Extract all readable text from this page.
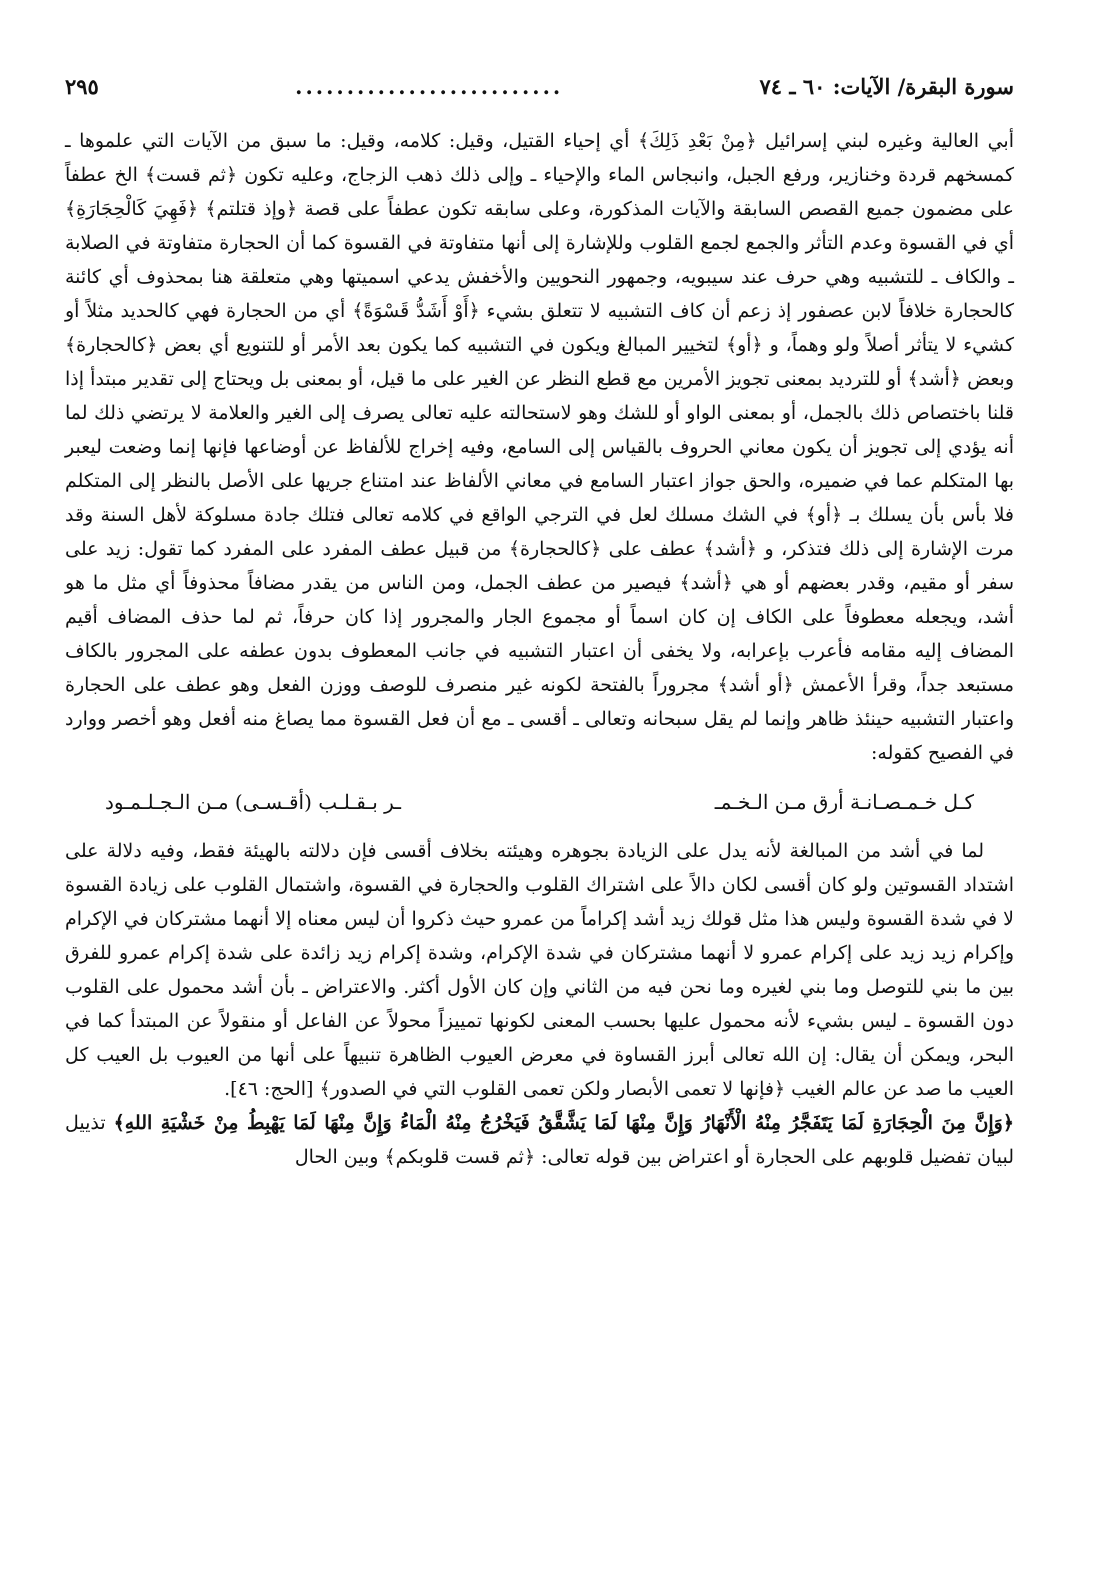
سورة البقرة/ الآيات: ٦٠ ـ ٧٤
..........................
٢٩٥

أبي العالية وغيره لبني إسرائيل ﴿مِنْ بَعْدِ ذَلِكَ﴾ أي إحياء القتيل، وقيل: كلامه، وقيل: ما سبق من الآيات التي علموها ـ كمسخهم قردة وخنازير، ورفع الجبل، وانبجاس الماء والإحياء ـ وإلى ذلك ذهب الزجاج، وعليه تكون ﴿ثم قست﴾ الخ عطفاً على مضمون جميع القصص السابقة والآيات المذكورة، وعلى سابقه تكون عطفاً على قصة ﴿وإذ قتلتم﴾ ﴿فَهِيَ كَالْحِجَارَةِ﴾ أي في القسوة وعدم التأثر والجمع لجمع القلوب وللإشارة إلى أنها متفاوتة في القسوة كما أن الحجارة متفاوتة في الصلابة ـ والكاف ـ للتشبيه وهي حرف عند سيبويه، وجمهور النحويين والأخفش يدعي اسميتها وهي متعلقة هنا بمحذوف أي كائنة كالحجارة خلافاً لابن عصفور إذ زعم أن كاف التشبيه لا تتعلق بشيء ﴿أَوْ أَشَدُّ قَسْوَةً﴾ أي من الحجارة فهي كالحديد مثلاً أو كشيء لا يتأثر أصلاً ولو وهماً، و ﴿أو﴾ لتخيير المبالغ ويكون في التشبيه كما يكون بعد الأمر أو للتنويع أي بعض ﴿كالحجارة﴾ وبعض ﴿أشد﴾ أو للترديد بمعنى تجويز الأمرين مع قطع النظر عن الغير على ما قيل، أو بمعنى بل ويحتاج إلى تقدير مبتدأ إذا قلنا باختصاص ذلك بالجمل، أو بمعنى الواو أو للشك وهو لاستحالته عليه تعالى يصرف إلى الغير والعلامة لا يرتضي ذلك لما أنه يؤدي إلى تجويز أن يكون معاني الحروف بالقياس إلى السامع، وفيه إخراج للألفاظ عن أوضاعها فإنها إنما وضعت ليعبر بها المتكلم عما في ضميره، والحق جواز اعتبار السامع في معاني الألفاظ عند امتناع جريها على الأصل بالنظر إلى المتكلم فلا بأس بأن يسلك بـ ﴿أو﴾ في الشك مسلك لعل في الترجي الواقع في كلامه تعالى فتلك جادة مسلوكة لأهل السنة وقد مرت الإشارة إلى ذلك فتذكر، و ﴿أشد﴾ عطف على ﴿كالحجارة﴾ من قبيل عطف المفرد على المفرد كما تقول: زيد على سفر أو مقيم، وقدر بعضهم أو هي ﴿أشد﴾ فيصير من عطف الجمل، ومن الناس من يقدر مضافاً محذوفاً أي مثل ما هو أشد، ويجعله معطوفاً على الكاف إن كان اسماً أو مجموع الجار والمجرور إذا كان حرفاً، ثم لما حذف المضاف أقيم المضاف إليه مقامه فأعرب بإعرابه، ولا يخفى أن اعتبار التشبيه في جانب المعطوف بدون عطفه على المجرور بالكاف مستبعد جداً، وقرأ الأعمش ﴿أو أشد﴾ مجروراً بالفتحة لكونه غير منصرف للوصف ووزن الفعل وهو عطف على الحجارة واعتبار التشبيه حينئذ ظاهر وإنما لم يقل سبحانه وتعالى ـ أقسى ـ مع أن فعل القسوة مما يصاغ منه أفعل وهو أخصر ووارد في الفصيح كقوله:

كـل خـمـصـانـة أرق مـن الـخـمـ
ـر بـقـلـب (أقـسـى) مـن الـجـلـمـود

لما في أشد من المبالغة لأنه يدل على الزيادة بجوهره وهيئته بخلاف أقسى فإن دلالته بالهيئة فقط، وفيه دلالة على اشتداد القسوتين ولو كان أقسى لكان دالاً على اشتراك القلوب والحجارة في القسوة، واشتمال القلوب على زيادة القسوة لا في شدة القسوة وليس هذا مثل قولك زيد أشد إكراماً من عمرو حيث ذكروا أن ليس معناه إلا أنهما مشتركان في الإكرام وإكرام زيد زيد على إكرام عمرو لا أنهما مشتركان في شدة الإكرام، وشدة إكرام زيد زائدة على شدة إكرام عمرو للفرق بين ما بني للتوصل وما بني لغيره وما نحن فيه من الثاني وإن كان الأول أكثر. والاعتراض ـ بأن أشد محمول على القلوب دون القسوة ـ ليس بشيء لأنه محمول عليها بحسب المعنى لكونها تمييزاً محولاً عن الفاعل أو منقولاً عن المبتدأ كما في البحر، ويمكن أن يقال: إن الله تعالى أبرز القساوة في معرض العيوب الظاهرة تنبيهاً على أنها من العيوب بل العيب كل العيب ما صد عن عالم الغيب ﴿فإنها لا تعمى الأبصار ولكن تعمى القلوب التي في الصدور﴾ [الحج: ٤٦].

﴿وَإِنَّ مِنَ الْحِجَارَةِ لَمَا يَتَفَجَّرُ مِنْهُ الْأَنْهَارُ وَإِنَّ مِنْهَا لَمَا يَشَّقَّقُ فَيَخْرُجُ مِنْهُ الْمَاءُ وَإِنَّ مِنْهَا لَمَا يَهْبِطُ مِنْ خَشْيَةِ اللهِ﴾ تذييل لبيان تفضيل قلوبهم على الحجارة أو اعتراض بين قوله تعالى: ﴿ثم قست قلوبكم﴾ وبين الحال
